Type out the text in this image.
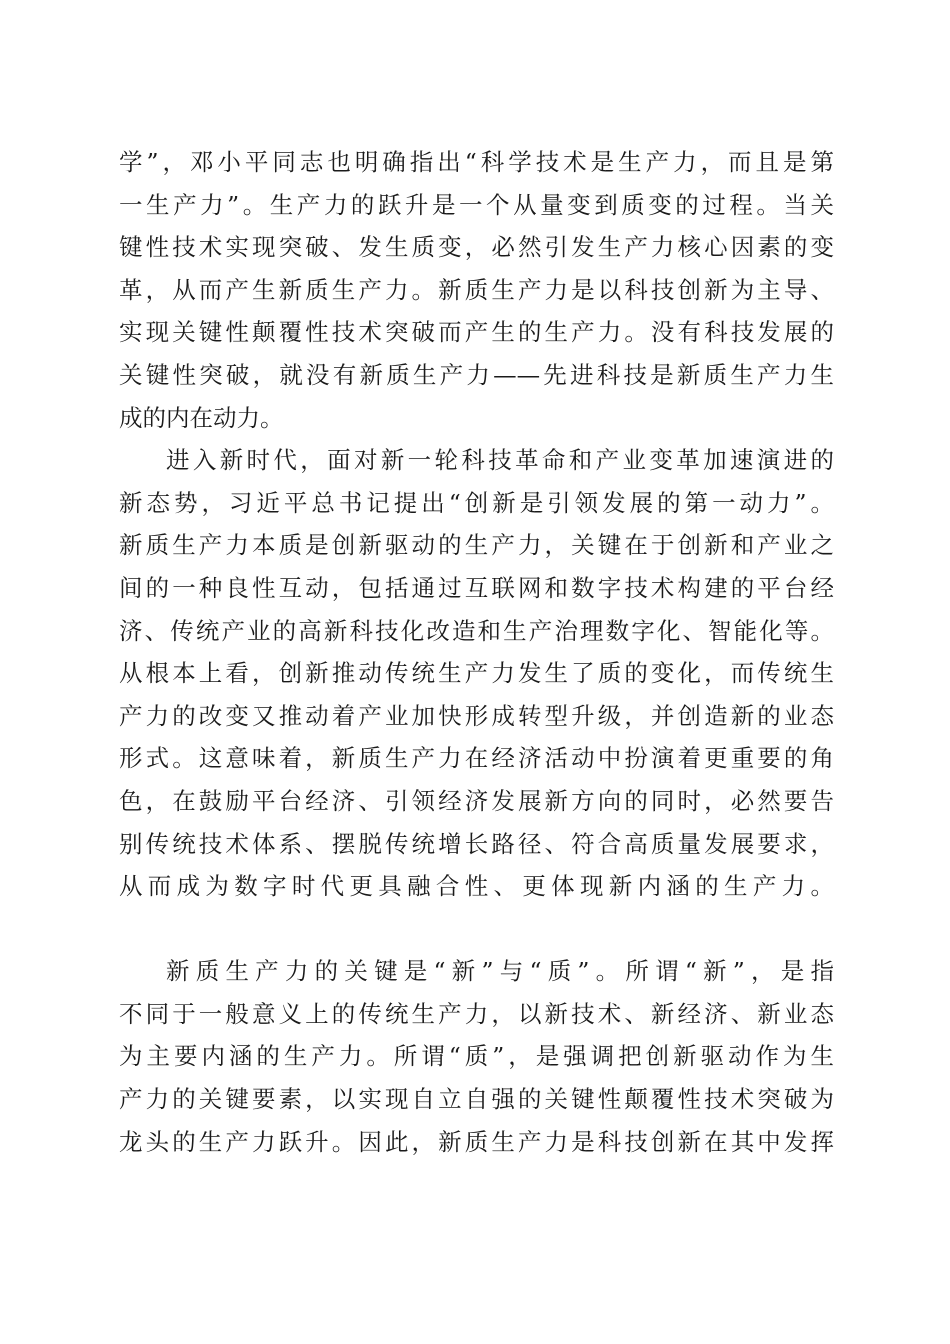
学”，邓小平同志也明确指出“科学技术是生产力，而且是第
一生产力”。生产力的跃升是一个从量变到质变的过程。当关
键性技术实现突破、发生质变，必然引发生产力核心因素的变
革，从而产生新质生产力。新质生产力是以科技创新为主导、
实现关键性颠覆性技术突破而产生的生产力。没有科技发展的
关键性突破，就没有新质生产力——先进科技是新质生产力生
成的内在动力。
进入新时代，面对新一轮科技革命和产业变革加速演进的
新态势，习近平总书记提出“创新是引领发展的第一动力”。
新质生产力本质是创新驱动的生产力，关键在于创新和产业之
间的一种良性互动，包括通过互联网和数字技术构建的平台经
济、传统产业的高新科技化改造和生产治理数字化、智能化等。
从根本上看，创新推动传统生产力发生了质的变化，而传统生
产力的改变又推动着产业加快形成转型升级，并创造新的业态
形式。这意味着，新质生产力在经济活动中扮演着更重要的角
色，在鼓励平台经济、引领经济发展新方向的同时，必然要告
别传统技术体系、摆脱传统增长路径、符合高质量发展要求，
从而成为数字时代更具融合性、更体现新内涵的生产力。
新质生产力的关键是“新”与“质”。所谓“新”，是指
不同于一般意义上的传统生产力，以新技术、新经济、新业态
为主要内涵的生产力。所谓“质”，是强调把创新驱动作为生
产力的关键要素，以实现自立自强的关键性颠覆性技术突破为
龙头的生产力跃升。因此，新质生产力是科技创新在其中发挥
